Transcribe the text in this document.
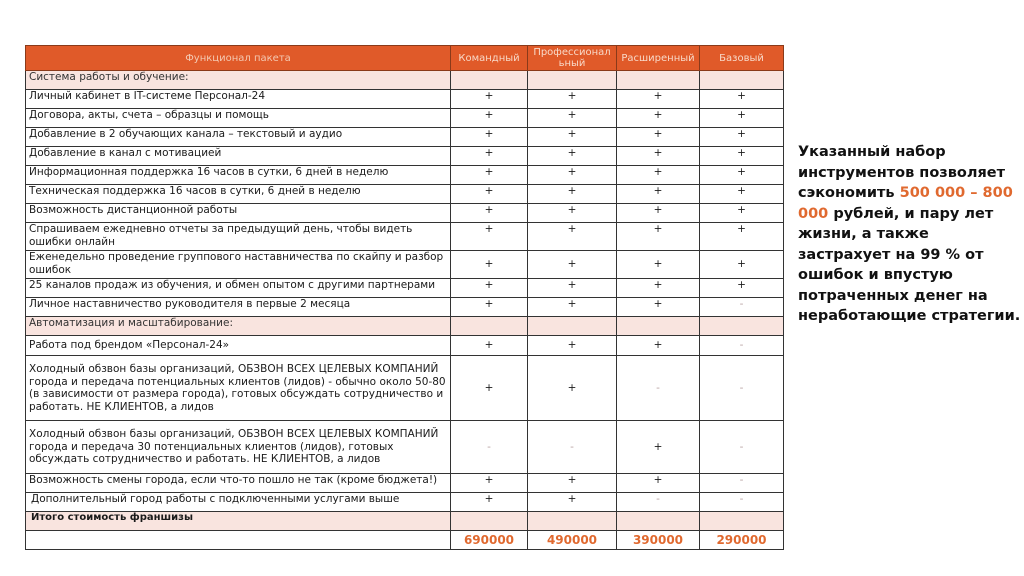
Функционал пакета	Командный	Профессионал ьный	Расширенный	Базовый
Система работы и обучение:				
Личный кабинет в IT-системе Персонал-24	+	+	+	+
Договора, акты, счета – образцы и помощь	+	+	+	+
Добавление в 2 обучающих канала – текстовый и аудио	+	+	+	+
Добавление в канал с мотивацией	+	+	+	+
Информационная поддержка 16 часов в сутки, 6 дней в неделю	+	+	+	+
Техническая поддержка 16 часов в сутки, 6 дней в неделю	+	+	+	+
Возможность дистанционной работы	+	+	+	+
Спрашиваем ежедневно отчеты за предыдущий день, чтобы видеть ошибки онлайн	+	+	+	+
Еженедельно проведение группового наставничества по скайпу и разбор ошибок	+	+	+	+
25 каналов продаж из обучения, и обмен опытом с другими партнерами	+	+	+	+
Личное наставничество руководителя в первые 2 месяца	+	+	+	-
Автоматизация и масштабирование:				
Работа под брендом «Персонал-24»	+	+	+	-
Холодный обзвон базы организаций, ОБЗВОН ВСЕХ ЦЕЛЕВЫХ КОМПАНИЙ города и передача потенциальных клиентов (лидов) - обычно около 50-80 (в зависимости от размера города), готовых обсуждать сотрудничество и работать. НЕ КЛИЕНТОВ, а лидов	+	+	-	-
Холодный обзвон базы организаций, ОБЗВОН ВСЕХ ЦЕЛЕВЫХ КОМПАНИЙ города и передача 30 потенциальных клиентов (лидов), готовых обсуждать сотрудничество и работать. НЕ КЛИЕНТОВ, а лидов	-	-	+	-
Возможность смены города, если что-то пошло не так (кроме бюджета!)	+	+	+	-
Дополнительный город работы с подключенными услугами выше	+	+	-	-
Итого стоимость франшизы				
	690000	490000	390000	290000
Указанный набор инструментов позволяет сэкономить 500 000 – 800 000 рублей, и пару лет жизни, а также застрахует на 99 % от ошибок и впустую потраченных денег на неработающие стратегии.
